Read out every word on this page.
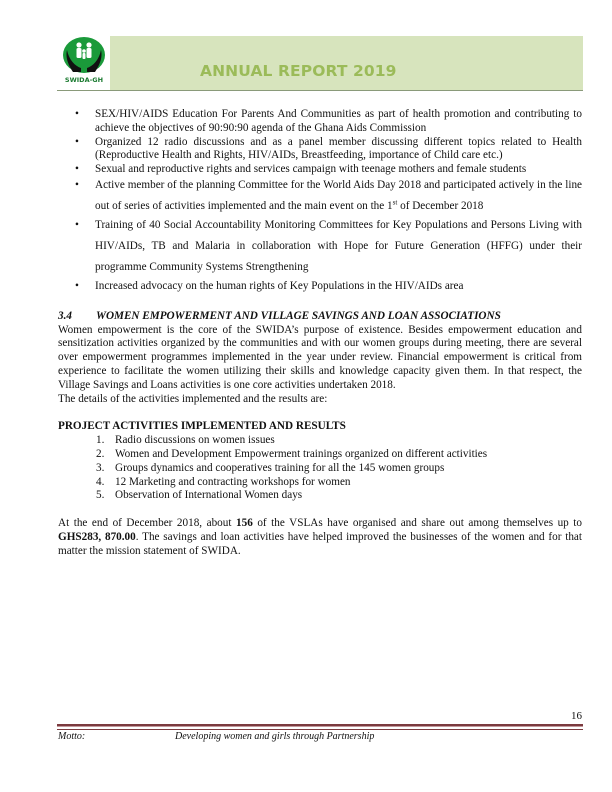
SWIDA-GH	ANNUAL REPORT 2019
• SEX/HIV/AIDS Education For Parents And Communities as part of health promotion and contributing to achieve the objectives of 90:90:90 agenda of the Ghana Aids Commission
• Organized 12 radio discussions and as a panel member discussing different topics related to Health (Reproductive Health and Rights, HIV/AIDs, Breastfeeding, importance of Child care etc.)
• Sexual and reproductive rights and services campaign with teenage mothers and female students
• Active member of the planning Committee for the World Aids Day 2018 and participated actively in the line out of series of activities implemented and the main event on the 1st of December 2018
• Training of 40 Social Accountability Monitoring Committees for Key Populations and Persons Living with HIV/AIDs, TB and Malaria in collaboration with Hope for Future Generation (HFFG) under their programme Community Systems Strengthening
• Increased advocacy on the human rights of Key Populations in the HIV/AIDs area
3.4	WOMEN EMPOWERMENT AND VILLAGE SAVINGS AND LOAN ASSOCIATIONS

Women empowerment is the core of the SWIDA’s purpose of existence. Besides empowerment education and sensitization activities organized by the communities and with our women groups during meeting, there are several over empowerment programmes implemented in the year under review. Financial empowerment is critical from experience to facilitate the women utilizing their skills and knowledge capacity given them. In that respect, the Village Savings and Loans activities is one core activities undertaken 2018.

The details of the activities implemented and the results are:

PROJECT ACTIVITIES IMPLEMENTED AND RESULTS
1. Radio discussions on women issues
2. Women and Development Empowerment trainings organized on different activities
3. Groups dynamics and cooperatives training for all the 145 women groups
4. 12 Marketing and contracting workshops for women
5. Observation of International Women days

At the end of December 2018, about 156 of the VSLAs have organised and share out among themselves up to GHS283, 870.00. The savings and loan activities have helped improved the businesses of the women and for that matter the mission statement of SWIDA.

16
Motto:	Developing women and girls through Partnership
